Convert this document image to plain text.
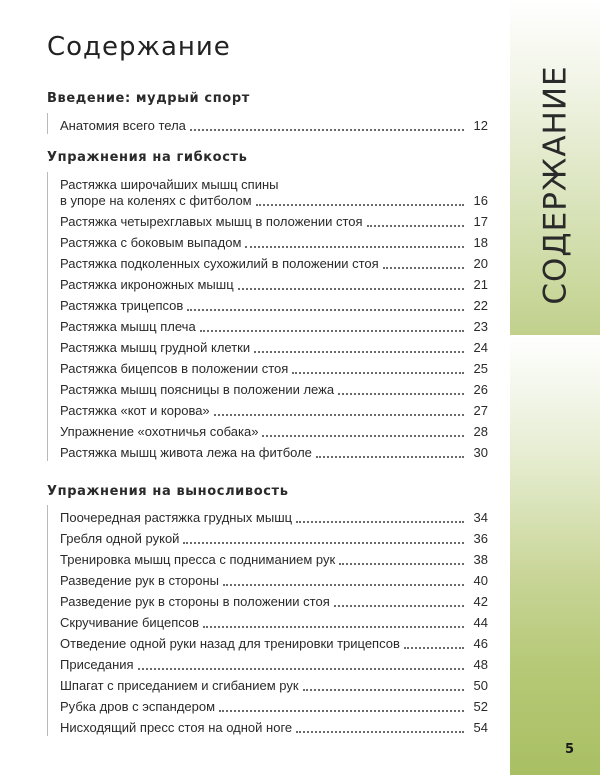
СОДЕРЖАНИЕ
5
Содержание
Введение: мудрый спорт
Анатомия всего тела	12
Упражнения на гибкость
Растяжка широчайших мышц спины
в упоре на коленях с фитболом	16
Растяжка четырехглавых мышц в положении стоя	17
Растяжка с боковым выпадом	18
Растяжка подколенных сухожилий в положении стоя	20
Растяжка икроножных мышц	21
Растяжка трицепсов	22
Растяжка мышц плеча	23
Растяжка мышц грудной клетки	24
Растяжка бицепсов в положении стоя	25
Растяжка мышц поясницы в положении лежа	26
Растяжка «кот и корова»	27
Упражнение «охотничья собака»	28
Растяжка мышц живота лежа на фитболе	30
Упражнения на выносливость
Поочередная растяжка грудных мышц	34
Гребля одной рукой	36
Тренировка мышц пресса с подниманием рук	38
Разведение рук в стороны	40
Разведение рук в стороны в положении стоя	42
Скручивание бицепсов	44
Отведение одной руки назад для тренировки трицепсов	46
Приседания	48
Шпагат с приседанием и сгибанием рук	50
Рубка дров с эспандером	52
Нисходящий пресс стоя на одной ноге	54
